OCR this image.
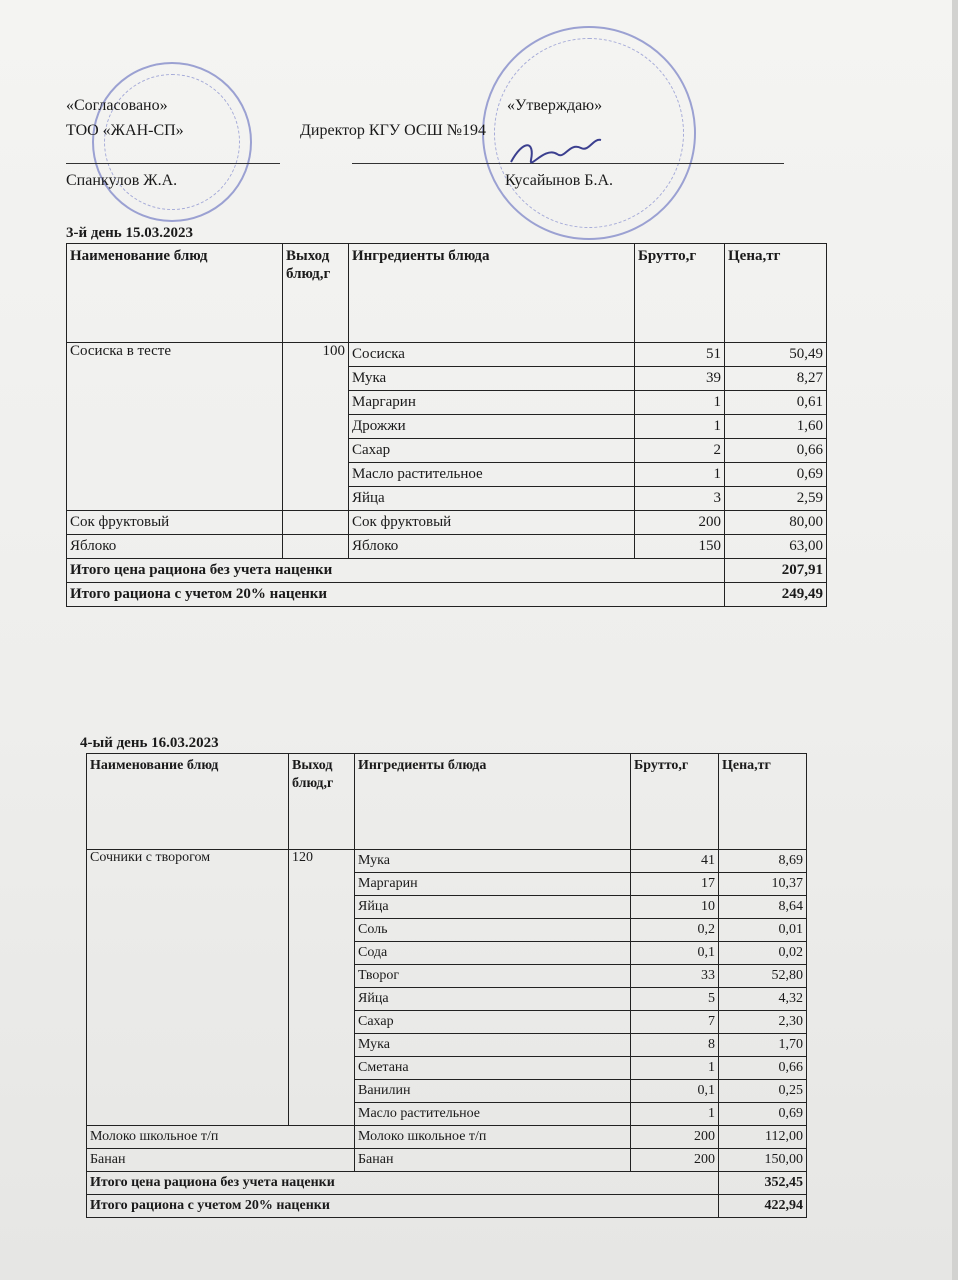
«Согласовано»
ТОО «ЖАН-СП»
Спанкулов Ж.А.
«Утверждаю»
Директор КГУ ОСШ №194
Кусайынов Б.А.
3-й день 15.03.2023
Наименование блюд	Выход блюд,г	Ингредиенты блюда	Брутто,г	Цена,тг
Сосиска в тесте	100	Сосиска	51	50,49
		Мука	39	8,27
		Маргарин	1	0,61
		Дрожжи	1	1,60
		Сахар	2	0,66
		Масло растительное	1	0,69
		Яйца	3	2,59
Сок фруктовый		Сок фруктовый	200	80,00
Яблоко		Яблоко	150	63,00
Итого цена рациона без учета наценки				207,91
Итого рациона с учетом 20% наценки				249,49
4-ый день 16.03.2023
Наименование блюд	Выход блюд,г	Ингредиенты блюда	Брутто,г	Цена,тг
Сочники с творогом	120	Мука	41	8,69
		Маргарин	17	10,37
		Яйца	10	8,64
		Соль	0,2	0,01
		Сода	0,1	0,02
		Творог	33	52,80
		Яйца	5	4,32
		Сахар	7	2,30
		Мука	8	1,70
		Сметана	1	0,66
		Ванилин	0,1	0,25
		Масло растительное	1	0,69
Молоко школьное т/п		Молоко школьное т/п	200	112,00
Банан		Банан	200	150,00
Итого цена рациона без учета наценки				352,45
Итого рациона с учетом 20% наценки				422,94
